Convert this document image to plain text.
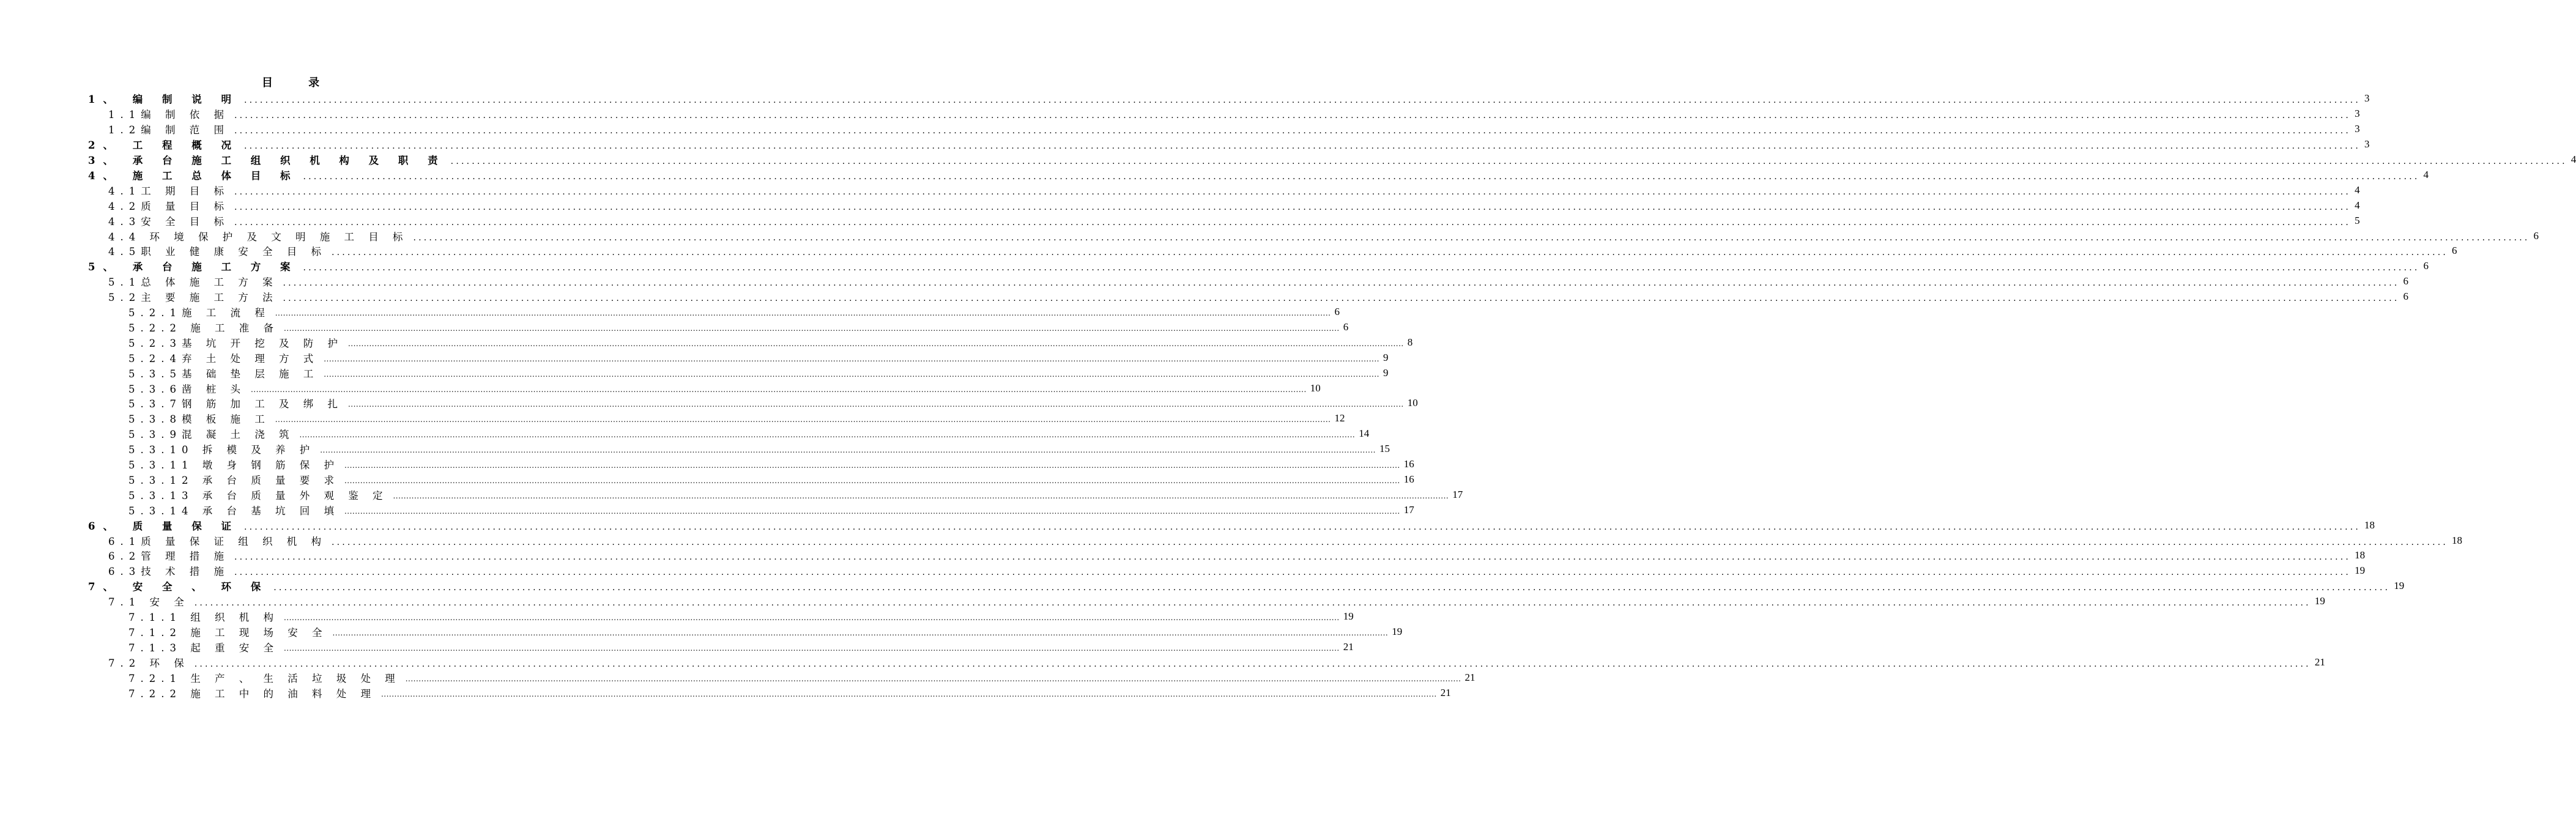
目 录
1、 编 制 说 明 ................................................................................................................................................................................................................................................................................................................................................................................................................ 3
1.1编 制 依 据 ................................................................................................................................................................................................................................................................................................................................................................................................................ 3
1.2编 制 范 围 ................................................................................................................................................................................................................................................................................................................................................................................................................ 3
2、 工 程 概 况 ................................................................................................................................................................................................................................................................................................................................................................................................................ 3
3、 承 台 施 工 组 织 机 构 及 职 责 ................................................................................................................................................................................................................................................................................................................................................................................................................ 4
4、 施 工 总 体 目 标 ................................................................................................................................................................................................................................................................................................................................................................................................................ 4
4.1工 期 目 标 ................................................................................................................................................................................................................................................................................................................................................................................................................ 4
4.2质 量 目 标 ................................................................................................................................................................................................................................................................................................................................................................................................................ 4
4.3安 全 目 标 ................................................................................................................................................................................................................................................................................................................................................................................................................ 5
4.4 环 境 保 护 及 文 明 施 工 目 标 ................................................................................................................................................................................................................................................................................................................................................................................................................ 6
4.5职 业 健 康 安 全 目 标 ................................................................................................................................................................................................................................................................................................................................................................................................................ 6
5、 承 台 施 工 方 案 ................................................................................................................................................................................................................................................................................................................................................................................................................ 6
5.1总 体 施 工 方 案 ................................................................................................................................................................................................................................................................................................................................................................................................................ 6
5.2主 要 施 工 方 法 ................................................................................................................................................................................................................................................................................................................................................................................................................ 6
5.2.1施 工 流 程 ................................................................................................................................................................................................................................................................................................................................................................................................................ 6
5.2.2 施 工 准 备 ................................................................................................................................................................................................................................................................................................................................................................................................................ 6
5.2.3基 坑 开 挖 及 防 护 ................................................................................................................................................................................................................................................................................................................................................................................................................ 8
5.2.4弃 土 处 理 方 式 ................................................................................................................................................................................................................................................................................................................................................................................................................ 9
5.3.5基 础 垫 层 施 工 ................................................................................................................................................................................................................................................................................................................................................................................................................ 9
5.3.6凿 桩 头 ................................................................................................................................................................................................................................................................................................................................................................................................................ 10
5.3.7钢 筋 加 工 及 绑 扎 ................................................................................................................................................................................................................................................................................................................................................................................................................ 10
5.3.8模 板 施 工 ................................................................................................................................................................................................................................................................................................................................................................................................................ 12
5.3.9混 凝 土 浇 筑 ................................................................................................................................................................................................................................................................................................................................................................................................................ 14
5.3.10 拆 模 及 养 护 ................................................................................................................................................................................................................................................................................................................................................................................................................ 15
5.3.11 墩 身 钢 筋 保 护 ................................................................................................................................................................................................................................................................................................................................................................................................................ 16
5.3.12 承 台 质 量 要 求 ................................................................................................................................................................................................................................................................................................................................................................................................................ 16
5.3.13 承 台 质 量 外 观 鉴 定 ................................................................................................................................................................................................................................................................................................................................................................................................................ 17
5.3.14 承 台 基 坑 回 填 ................................................................................................................................................................................................................................................................................................................................................................................................................ 17
6、 质 量 保 证 ................................................................................................................................................................................................................................................................................................................................................................................................................ 18
6.1质 量 保 证 组 织 机 构 ................................................................................................................................................................................................................................................................................................................................................................................................................ 18
6.2管 理 措 施 ................................................................................................................................................................................................................................................................................................................................................................................................................ 18
6.3技 术 措 施 ................................................................................................................................................................................................................................................................................................................................................................................................................ 19
7、 安 全 、 环 保 ................................................................................................................................................................................................................................................................................................................................................................................................................ 19
7.1 安 全 ................................................................................................................................................................................................................................................................................................................................................................................................................ 19
7.1.1 组 织 机 构 ................................................................................................................................................................................................................................................................................................................................................................................................................ 19
7.1.2 施 工 现 场 安 全 ................................................................................................................................................................................................................................................................................................................................................................................................................ 19
7.1.3 起 重 安 全 ................................................................................................................................................................................................................................................................................................................................................................................................................ 21
7.2 环 保 ................................................................................................................................................................................................................................................................................................................................................................................................................ 21
7.2.1 生 产 、 生 活 垃 圾 处 理 ................................................................................................................................................................................................................................................................................................................................................................................................................ 21
7.2.2 施 工 中 的 油 料 处 理 ................................................................................................................................................................................................................................................................................................................................................................................................................ 21
